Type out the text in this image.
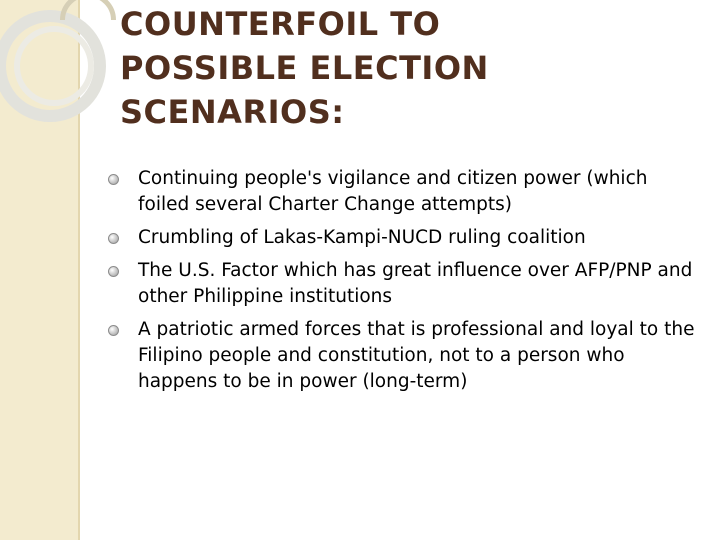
COUNTERFOIL TO
POSSIBLE ELECTION
SCENARIOS:
Continuing people's vigilance and citizen power (which foiled several Charter Change attempts)
Crumbling of Lakas-Kampi-NUCD ruling coalition
The U.S. Factor which has great influence over AFP/PNP and other Philippine institutions
A patriotic armed forces that is professional and loyal to the Filipino people and constitution, not to a person who happens to be in power (long-term)
